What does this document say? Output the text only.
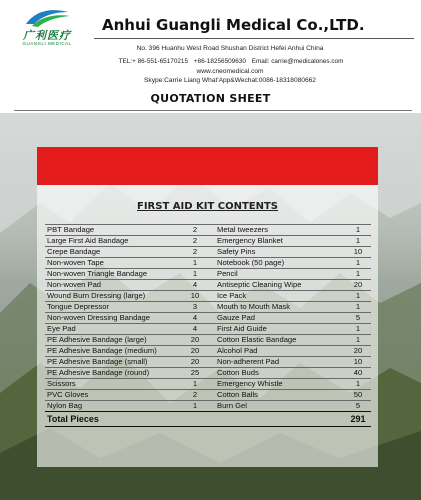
广利医疗
GUANGLI MEDICAL
Anhui Guangli Medical Co.,LTD.
No. 396 Huanhu West Road Shushan District Hefei Anhui China
TEL:+ 86-551-65170215 +86-18256509630 Email: carrie@medicalones.com
www.cneomedical.com
Skype:Carrie Liang What'App&Wechat:0086-18318080662
QUOTATION SHEET
FIRST AID KIT CONTENTS
PBT Bandage	2	Metal tweezers	1
Large First Aid Bandage	2	Emergency Blanket	1
Crepe Bandage	2	Safety Pins	10
Non-woven Tape	1	Notebook (50 page)	1
Non-woven Triangle Bandage	1	Pencil	1
Non-woven Pad	4	Antiseptic Cleaning Wipe	20
Wound Burn Dressing (large)	10	Ice Pack	1
Tongue Depressor	3	Mouth to Mouth Mask	1
Non-woven Dressing Bandage	4	Gauze Pad	5
Eye Pad	4	First Aid Guide	1
PE Adhesive Bandage (large)	20	Cotton Elastic Bandage	1
PE Adhesive Bandage (medium)	20	Alcohol Pad	20
PE Adhesive Bandage (small)	20	Non-adherent Pad	10
PE Adhesive Bandage (round)	25	Cotton Buds	40
Scissors	1	Emergency Whistle	1
PVC Gloves	2	Cotton Balls	50
Nylon Bag	1	Burn Gel	5
Total Pieces			291
